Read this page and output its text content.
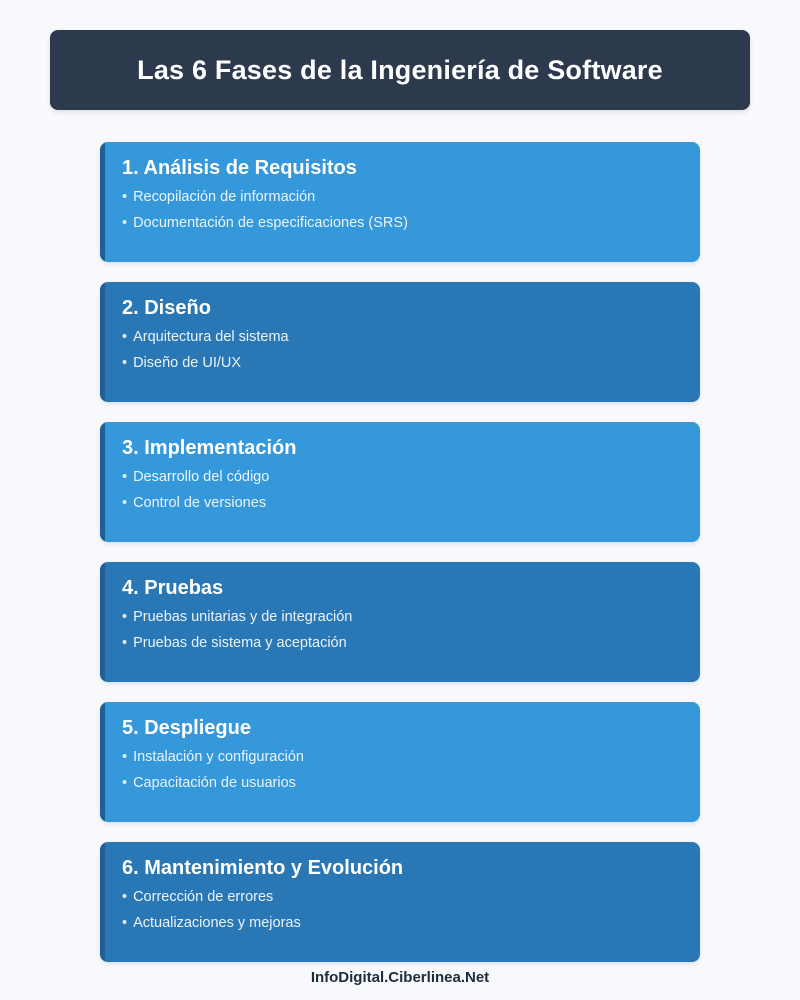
Las 6 Fases de la Ingeniería de Software
1. Análisis de Requisitos
• Recopilación de información
• Documentación de especificaciones (SRS)
2. Diseño
• Arquitectura del sistema
• Diseño de UI/UX
3. Implementación
• Desarrollo del código
• Control de versiones
4. Pruebas
• Pruebas unitarias y de integración
• Pruebas de sistema y aceptación
5. Despliegue
• Instalación y configuración
• Capacitación de usuarios
6. Mantenimiento y Evolución
• Corrección de errores
• Actualizaciones y mejoras
InfoDigital.Ciberlinea.Net
